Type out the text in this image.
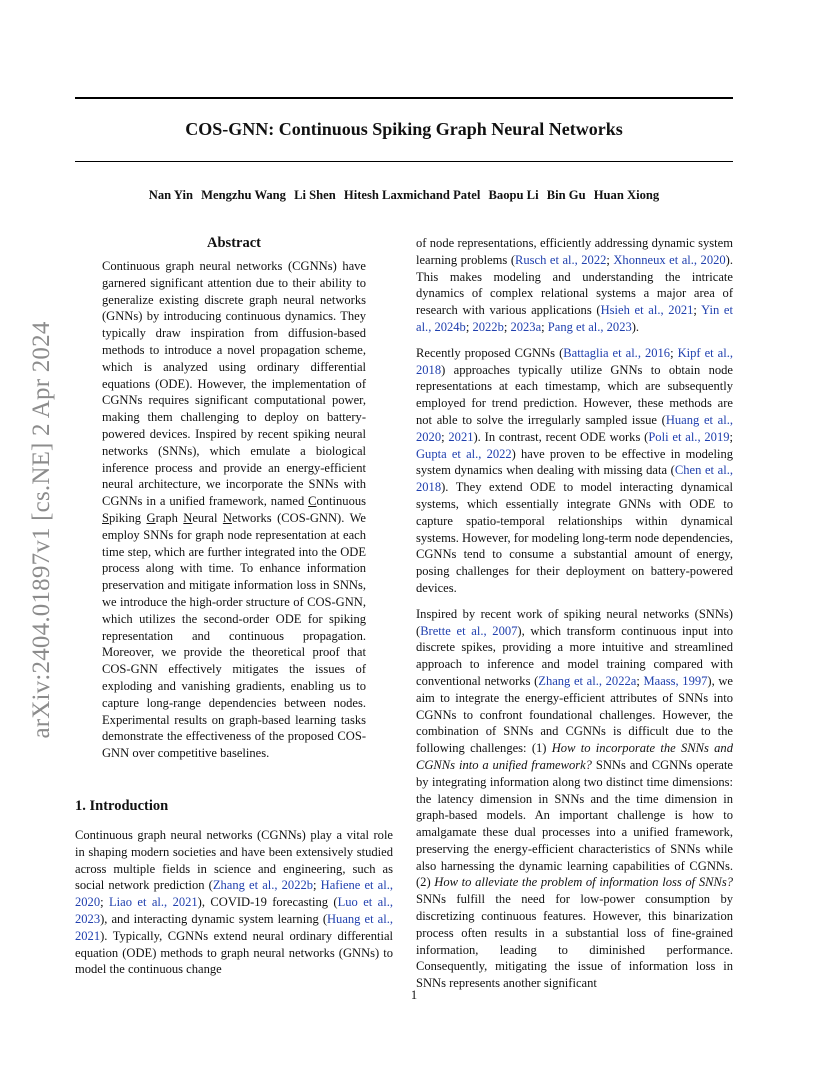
COS-GNN: Continuous Spiking Graph Neural Networks
Nan Yin Mengzhu Wang Li Shen Hitesh Laxmichand Patel Baopu Li Bin Gu Huan Xiong
arXiv:2404.01897v1 [cs.NE] 2 Apr 2024
Abstract

Continuous graph neural networks (CGNNs) have garnered significant attention due to their ability to generalize existing discrete graph neural networks (GNNs) by introducing continuous dynamics. They typically draw inspiration from diffusion-based methods to introduce a novel propagation scheme, which is analyzed using ordinary differential equations (ODE). However, the implementation of CGNNs requires significant computational power, making them challenging to deploy on battery-powered devices. Inspired by recent spiking neural networks (SNNs), which emulate a biological inference process and provide an energy-efficient neural architecture, we incorporate the SNNs with CGNNs in a unified framework, named Continuous Spiking Graph Neural Networks (COS-GNN). We employ SNNs for graph node representation at each time step, which are further integrated into the ODE process along with time. To enhance information preservation and mitigate information loss in SNNs, we introduce the high-order structure of COS-GNN, which utilizes the second-order ODE for spiking representation and continuous propagation. Moreover, we provide the theoretical proof that COS-GNN effectively mitigates the issues of exploding and vanishing gradients, enabling us to capture long-range dependencies between nodes. Experimental results on graph-based learning tasks demonstrate the effectiveness of the proposed COS-GNN over competitive baselines.

1. Introduction

Continuous graph neural networks (CGNNs) play a vital role in shaping modern societies and have been extensively studied across multiple fields in science and engineering, such as social network prediction (Zhang et al., 2022b; Hafiene et al., 2020; Liao et al., 2021), COVID-19 forecasting (Luo et al., 2023), and interacting dynamic system learning (Huang et al., 2021). Typically, CGNNs extend neural ordinary differential equation (ODE) methods to graph neural networks (GNNs) to model the continuous change

of node representations, efficiently addressing dynamic system learning problems (Rusch et al., 2022; Xhonneux et al., 2020). This makes modeling and understanding the intricate dynamics of complex relational systems a major area of research with various applications (Hsieh et al., 2021; Yin et al., 2024b; 2022b; 2023a; Pang et al., 2023).

Recently proposed CGNNs (Battaglia et al., 2016; Kipf et al., 2018) approaches typically utilize GNNs to obtain node representations at each timestamp, which are subsequently employed for trend prediction. However, these methods are not able to solve the irregularly sampled issue (Huang et al., 2020; 2021). In contrast, recent ODE works (Poli et al., 2019; Gupta et al., 2022) have proven to be effective in modeling system dynamics when dealing with missing data (Chen et al., 2018). They extend ODE to model interacting dynamical systems, which essentially integrate GNNs with ODE to capture spatio-temporal relationships within dynamical systems. However, for modeling long-term node dependencies, CGNNs tend to consume a substantial amount of energy, posing challenges for their deployment on battery-powered devices.

Inspired by recent work of spiking neural networks (SNNs) (Brette et al., 2007), which transform continuous input into discrete spikes, providing a more intuitive and streamlined approach to inference and model training compared with conventional networks (Zhang et al., 2022a; Maass, 1997), we aim to integrate the energy-efficient attributes of SNNs into CGNNs to confront foundational challenges. However, the combination of SNNs and CGNNs is difficult due to the following challenges: (1) How to incorporate the SNNs and CGNNs into a unified framework? SNNs and CGNNs operate by integrating information along two distinct time dimensions: the latency dimension in SNNs and the time dimension in graph-based models. An important challenge is how to amalgamate these dual processes into a unified framework, preserving the energy-efficient characteristics of SNNs while also harnessing the dynamic learning capabilities of CGNNs. (2) How to alleviate the problem of information loss of SNNs? SNNs fulfill the need for low-power consumption by discretizing continuous features. However, this binarization process often results in a substantial loss of fine-grained information, leading to diminished performance. Consequently, mitigating the issue of information loss in SNNs represents another significant

1
